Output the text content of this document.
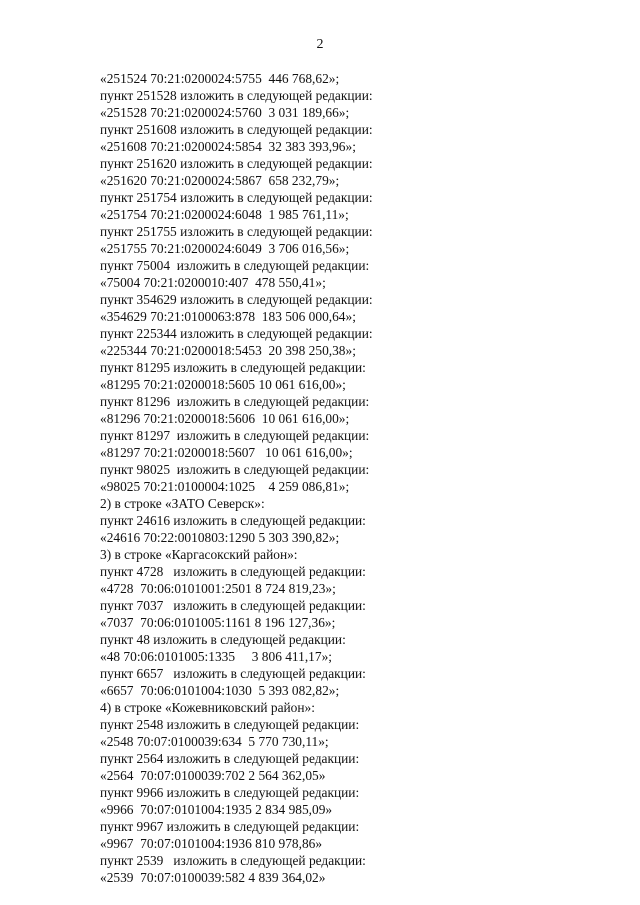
2
«251524 70:21:0200024:5755  446 768,62»;
пункт 251528 изложить в следующей редакции:
«251528 70:21:0200024:5760  3 031 189,66»;
пункт 251608 изложить в следующей редакции:
«251608 70:21:0200024:5854  32 383 393,96»;
пункт 251620 изложить в следующей редакции:
«251620 70:21:0200024:5867  658 232,79»;
пункт 251754 изложить в следующей редакции:
«251754 70:21:0200024:6048  1 985 761,11»;
пункт 251755 изложить в следующей редакции:
«251755 70:21:0200024:6049  3 706 016,56»;
пункт 75004  изложить в следующей редакции:
«75004 70:21:0200010:407  478 550,41»;
пункт 354629 изложить в следующей редакции:
«354629 70:21:0100063:878  183 506 000,64»;
пункт 225344 изложить в следующей редакции:
«225344 70:21:0200018:5453  20 398 250,38»;
пункт 81295 изложить в следующей редакции:
«81295 70:21:0200018:5605 10 061 616,00»;
пункт 81296  изложить в следующей редакции:
«81296 70:21:0200018:5606  10 061 616,00»;
пункт 81297  изложить в следующей редакции:
«81297 70:21:0200018:5607   10 061 616,00»;
пункт 98025  изложить в следующей редакции:
«98025 70:21:0100004:1025    4 259 086,81»;
2) в строке «ЗАТО Северск»:
пункт 24616 изложить в следующей редакции:
«24616 70:22:0010803:1290 5 303 390,82»;
3) в строке «Каргасокский район»:
пункт 4728   изложить в следующей редакции:
«4728  70:06:0101001:2501 8 724 819,23»;
пункт 7037   изложить в следующей редакции:
«7037  70:06:0101005:1161 8 196 127,36»;
пункт 48 изложить в следующей редакции:
«48 70:06:0101005:1335     3 806 411,17»;
пункт 6657   изложить в следующей редакции:
«6657  70:06:0101004:1030  5 393 082,82»;
4) в строке «Кожевниковский район»:
пункт 2548 изложить в следующей редакции:
«2548 70:07:0100039:634  5 770 730,11»;
пункт 2564 изложить в следующей редакции:
«2564  70:07:0100039:702 2 564 362,05»
пункт 9966 изложить в следующей редакции:
«9966  70:07:0101004:1935 2 834 985,09»
пункт 9967 изложить в следующей редакции:
«9967  70:07:0101004:1936 810 978,86»
пункт 2539   изложить в следующей редакции:
«2539  70:07:0100039:582 4 839 364,02»
